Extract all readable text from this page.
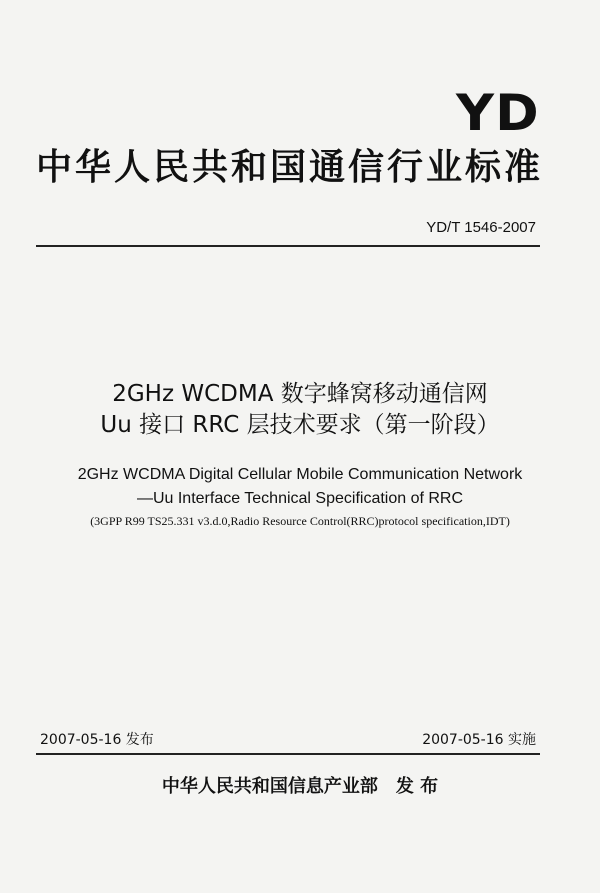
YD
中华人民共和国通信行业标准
YD/T 1546-2007
2GHz WCDMA 数字蜂窝移动通信网
Uu 接口 RRC 层技术要求（第一阶段）
2GHz WCDMA Digital Cellular Mobile Communication Network
—Uu Interface Technical Specification of RRC
(3GPP R99 TS25.331 v3.d.0,Radio Resource Control(RRC)protocol specification,IDT)
2007-05-16 发布	2007-05-16 实施
中华人民共和国信息产业部 发 布
